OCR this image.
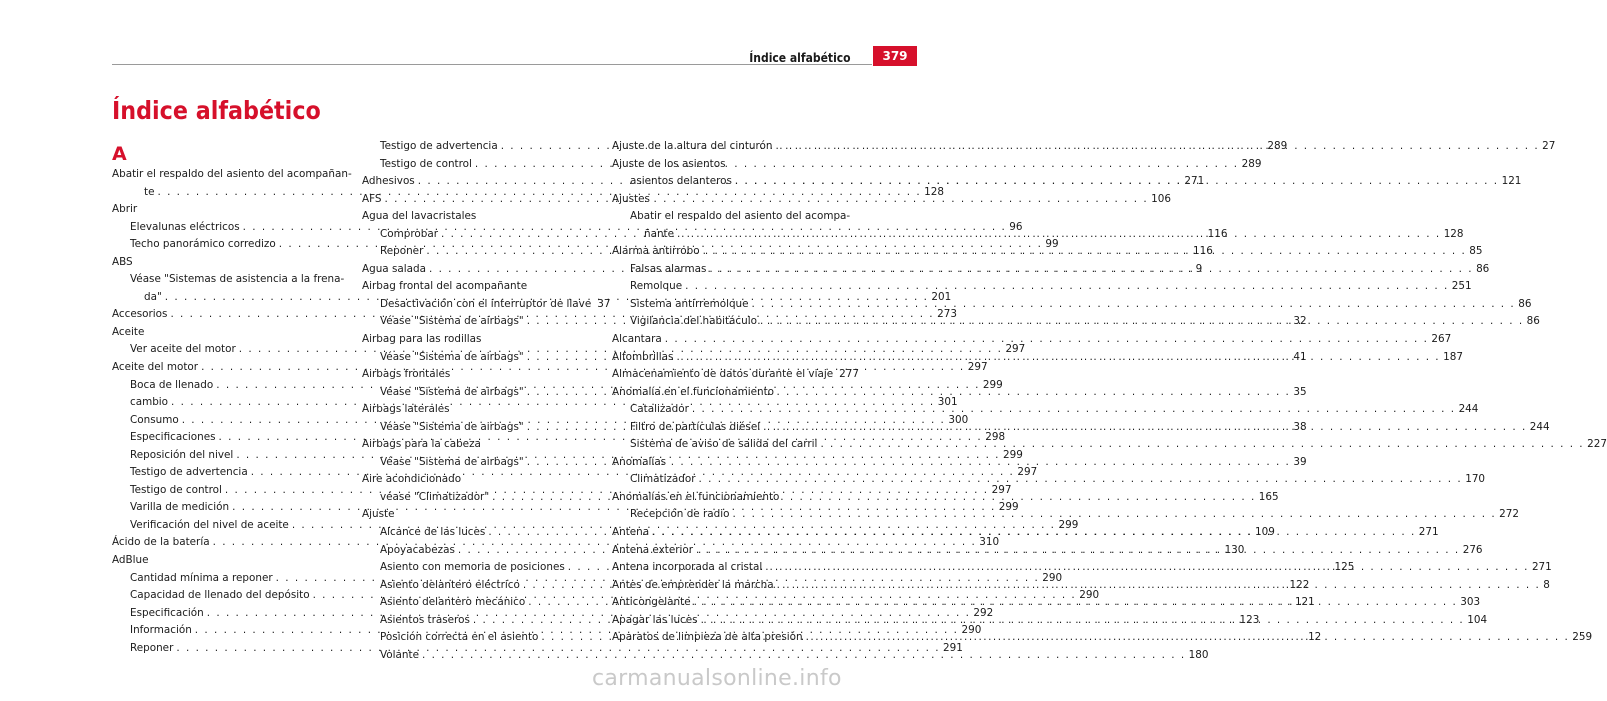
Índice alfabético	379
Índice alfabético
A
Abatir el respaldo del asiento del acompañan-
te . . .	128
Abrir
Elevalunas eléctricos . . .	96
Techo panorámico corredizo . . .	99
ABS
Véase "Sistemas de asistencia a la frena-
da" . . .	201
Accesorios . . .	273
Aceite
Ver aceite del motor . . .	297
Aceite del motor . . .	297
Boca de llenado . . .	299
cambio . . .	301
Consumo . . .	300
Especificaciones . . .	298
Reposición del nivel . . .	299
Testigo de advertencia . . .	297
Testigo de control . . .	297
Varilla de medición . . .	299
Verificación del nivel de aceite . . .	299
Ácido de la batería . . .	310
AdBlue
Cantidad mínima a reponer . . .	290
Capacidad de llenado del depósito . . .	290
Especificación . . .	292
Información . . .	290
Reponer . . .	291
Testigo de advertencia . . .	289
Testigo de control . . .	289
Adhesivos . . .	271
AFS . . .	106
Agua del lavacristales
Comprobar . . .	116
Reponer . . .	116
Agua salada . . .	9
Airbag frontal del acompañante
Desactivación con el interruptor de llave 37
Véase "Sistema de airbags" . . .	32
Airbag para las rodillas
Véase "Sistema de airbags" . . .	41
Airbags frontales
Véase "Sistema de airbags" . . .	35
Airbags laterales
Véase "Sistema de airbags" . . .	38
Airbags para la cabeza
Véase "Sistema de airbags" . . .	39
Aire acondicionado
véase "Climatizador" . . .	165
Ajuste
Alcance de las luces . . .	109
Apoyacabezas . . .	130
Asiento con memoria de posiciones . . .	125
Asiento delantero eléctrico . . .	122
Asiento delantero mecánico . . .	121
Asientos traseros . . .	123
Posición correcta en el asiento . . .	12
Volante . . .	180
Ajuste de la altura del cinturón . . .	27
Ajuste de los asientos
asientos delanteros . . .	121
Ajustes
Abatir el respaldo del asiento del acompa-
ñante . . .	128
Alarma antirrobo . . .	85
Falsas alarmas . . .	86
Remolque . . .	251
Sistema antirremolque . . .	86
Vigilancia del habitáculo . . .	86
Alcantara . . .	267
Alfombrillas . . .	187
Almacenamiento de datos durante el viaje 277
Anomalía en el funcionamiento
Catalizador . . .	244
Filtro de partículas diésel . . .	244
Sistema de aviso de salida del carril . . .	227
Anomalías
Climatizador . . .	170
Anomalías en el funcionamiento
Recepción de radio . . .	272
Antena . . .	271
Antena exterior . . .	276
Antena incorporada al cristal . . .	271
Antes de emprender la marcha . . .	8
Anticongelante . . .	303
Apagar las luces . . .	104
Aparatos de limpieza de alta presión . . .	259
carmanualsonline.info
